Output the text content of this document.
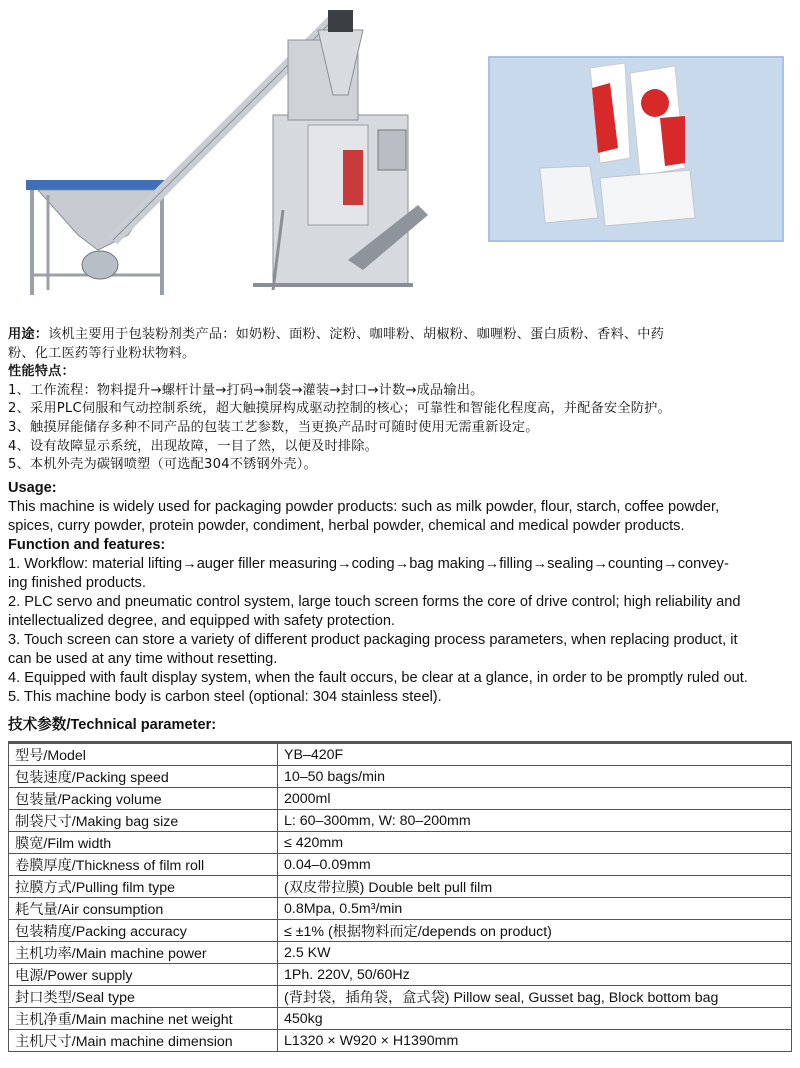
用途：该机主要用于包装粉剂类产品：如奶粉、面粉、淀粉、咖啡粉、胡椒粉、咖喱粉、蛋白质粉、香料、中药

粉、化工医药等行业粉状物料。

性能特点：

1、工作流程：物料提升→螺杆计量→打码→制袋→灌装→封口→计数→成品输出。

2、采用PLC伺服和气动控制系统，超大触摸屏构成驱动控制的核心；可靠性和智能化程度高，并配备安全防护。

3、触摸屏能储存多种不同产品的包装工艺参数，当更换产品时可随时使用无需重新设定。

4、设有故障显示系统，出现故障，一目了然，以便及时排除。

5、本机外壳为碳钢喷塑（可选配304不锈钢外壳）。

Usage:

This machine is widely used for packaging powder products: such as milk powder, flour, starch, coffee powder,

spices, curry powder, protein powder, condiment, herbal powder, chemical and medical powder products.

Function and features:

1. Workflow: material lifting→auger filler measuring→coding→bag making→filling→sealing→counting→convey-

ing finished products.

2. PLC servo and pneumatic control system, large touch screen forms the core of drive control; high reliability and

intellectualized degree, and equipped with safety protection.

3. Touch screen can store a variety of different product packaging process parameters, when replacing product, it

can be used at any time without resetting.

4. Equipped with fault display system, when the fault occurs, be clear at a glance, in order to be promptly ruled out.

5. This machine body is carbon steel (optional: 304 stainless steel).

技术参数/Technical parameter:
型号/Model	YB–420F
包装速度/Packing speed	10–50 bags/min
包装量/Packing volume	2000ml
制袋尺寸/Making bag size	L: 60–300mm, W: 80–200mm
膜宽/Film width	≤ 420mm
卷膜厚度/Thickness of film roll	0.04–0.09mm
拉膜方式/Pulling film type	(双皮带拉膜) Double belt pull film
耗气量/Air consumption	0.8Mpa, 0.5m³/min
包装精度/Packing accuracy	≤ ±1% (根据物料而定/depends on product)
主机功率/Main machine power	2.5 KW
电源/Power supply	1Ph. 220V, 50/60Hz
封口类型/Seal type	(背封袋，插角袋，盒式袋) Pillow seal, Gusset bag, Block bottom bag
主机净重/Main machine net weight	450kg
主机尺寸/Main machine dimension	L1320 × W920 × H1390mm
